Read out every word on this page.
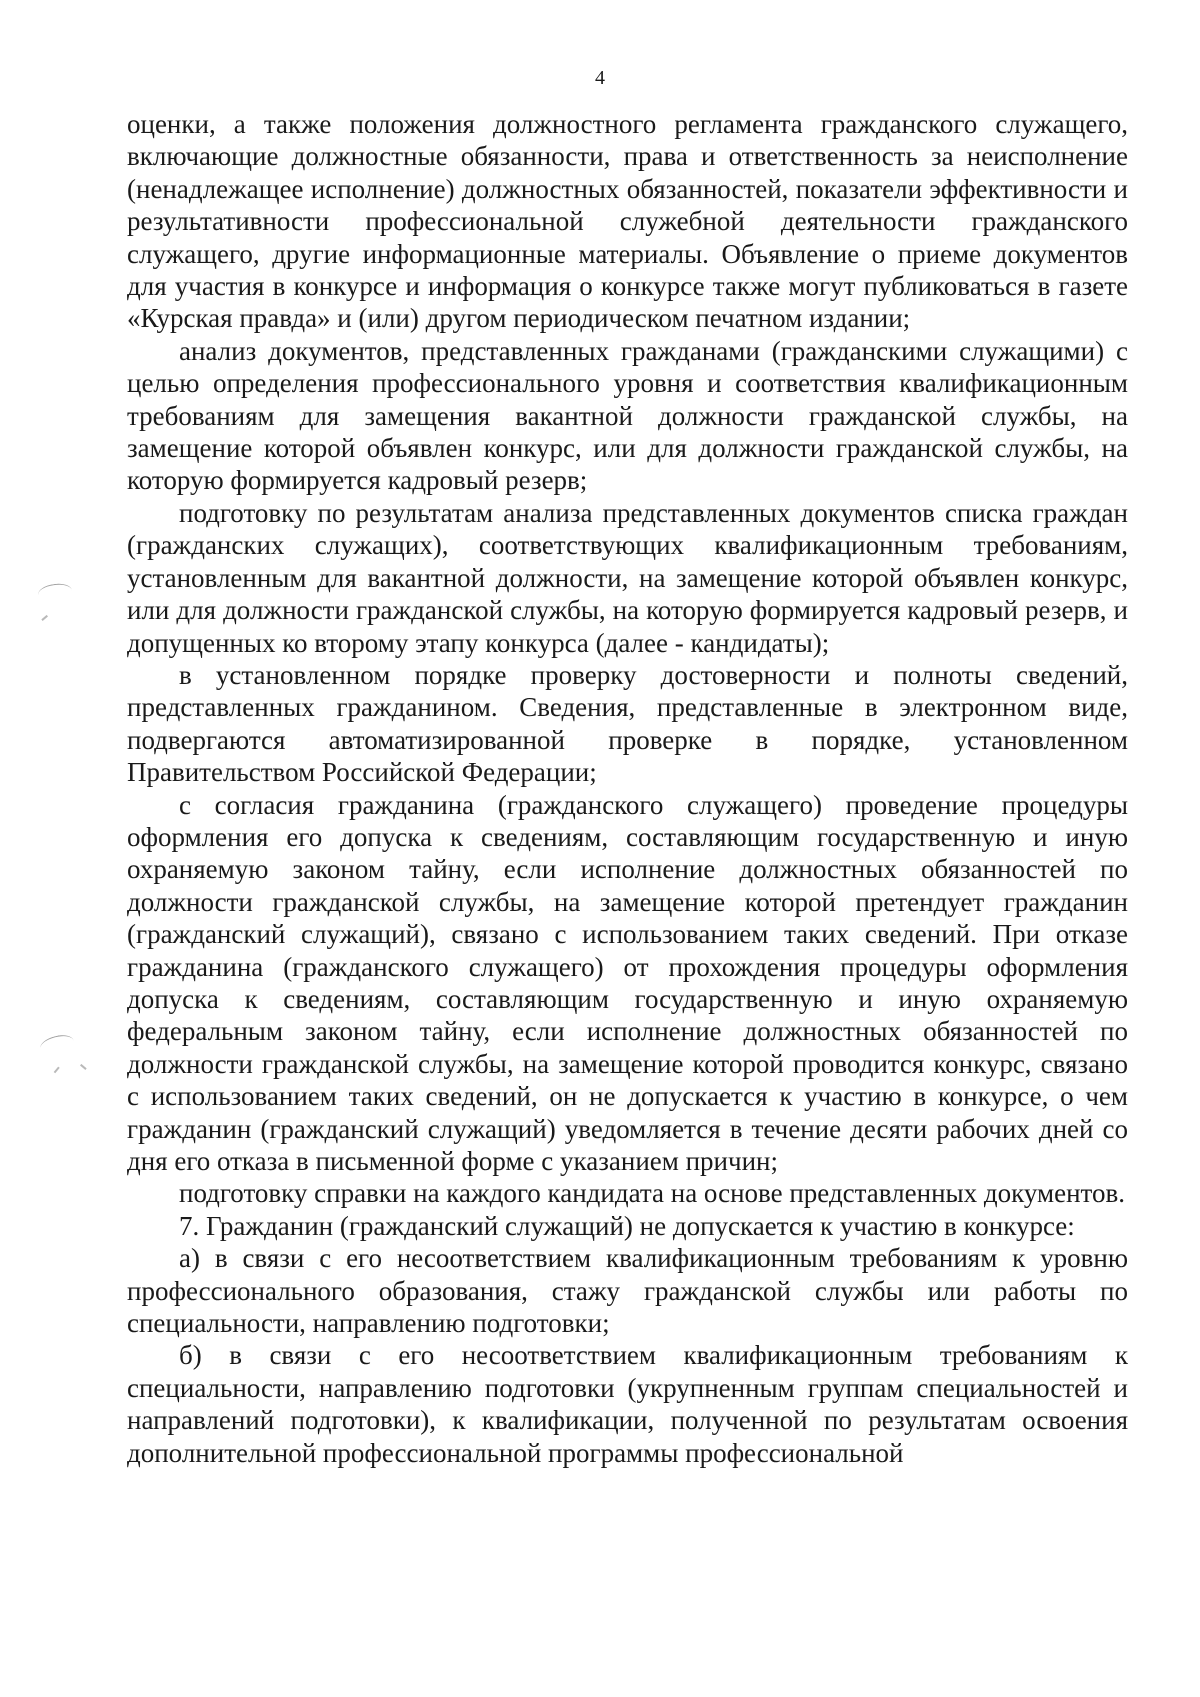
4

оценки, а также положения должностного регламента гражданского служащего, включающие должностные обязанности, права и ответственность за неисполнение (ненадлежащее исполнение) должностных обязанностей, показатели эффективности и результативности профессиональной служебной деятельности гражданского служащего, другие информационные материалы. Объявление о приеме документов для участия в конкурсе и информация о конкурсе также могут публиковаться в газете «Курская правда» и (или) другом периодическом печатном издании;

анализ документов, представленных гражданами (гражданскими служащими) с целью определения профессионального уровня и соответствия квалификационным требованиям для замещения вакантной должности гражданской службы, на замещение которой объявлен конкурс, или для должности гражданской службы, на которую формируется кадровый резерв;

подготовку по результатам анализа представленных документов списка граждан (гражданских служащих), соответствующих квалификационным требованиям, установленным для вакантной должности, на замещение которой объявлен конкурс, или для должности гражданской службы, на которую формируется кадровый резерв, и допущенных ко второму этапу конкурса (далее - кандидаты);

в установленном порядке проверку достоверности и полноты сведений, представленных гражданином. Сведения, представленные в электронном виде, подвергаются автоматизированной проверке в порядке, установленном Правительством Российской Федерации;

с согласия гражданина (гражданского служащего) проведение процедуры оформления его допуска к сведениям, составляющим государственную и иную охраняемую законом тайну, если исполнение должностных обязанностей по должности гражданской службы, на замещение которой претендует гражданин (гражданский служащий), связано с использованием таких сведений. При отказе гражданина (гражданского служащего) от прохождения процедуры оформления допуска к сведениям, составляющим государственную и иную охраняемую федеральным законом тайну, если исполнение должностных обязанностей по должности гражданской службы, на замещение которой проводится конкурс, связано с использованием таких сведений, он не допускается к участию в конкурсе, о чем гражданин (гражданский служащий) уведомляется в течение десяти рабочих дней со дня его отказа в письменной форме с указанием причин;

подготовку справки на каждого кандидата на основе представленных документов.

7. Гражданин (гражданский служащий) не допускается к участию в конкурсе:

а) в связи с его несоответствием квалификационным требованиям к уровню профессионального образования, стажу гражданской службы или работы по специальности, направлению подготовки;

б) в связи с его несоответствием квалификационным требованиям к специальности, направлению подготовки (укрупненным группам специальностей и направлений подготовки), к квалификации, полученной по результатам освоения дополнительной профессиональной программы профессиональной
